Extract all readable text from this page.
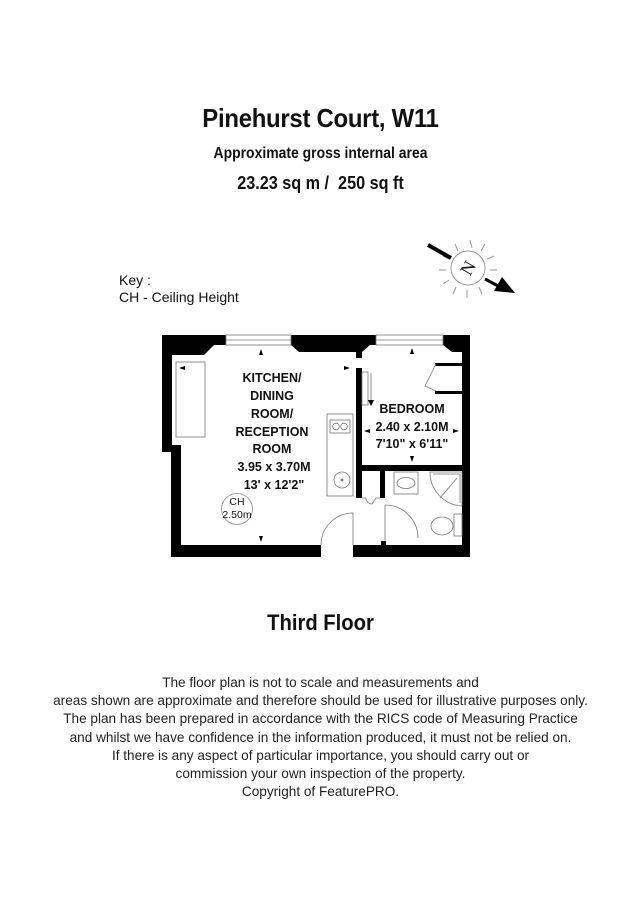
Pinehurst Court, W11
Approximate gross internal area
23.23 sq m /  250 sq ft
Key :
CH - Ceiling Height
N
KITCHEN/
DINING
ROOM/
RECEPTION
ROOM
3.95 x 3.70M
13' x 12'2"
BEDROOM
2.40 x 2.10M
7'10" x 6'11"
CH
2.50m
Third Floor
The floor plan is not to scale and measurements and
areas shown are approximate and therefore should be used for illustrative purposes only.
The plan has been prepared in accordance with the RICS code of Measuring Practice
and whilst we have confidence in the information produced, it must not be relied on.
If there is any aspect of particular importance, you should carry out or
commission your own inspection of the property.
Copyright of FeaturePRO.
